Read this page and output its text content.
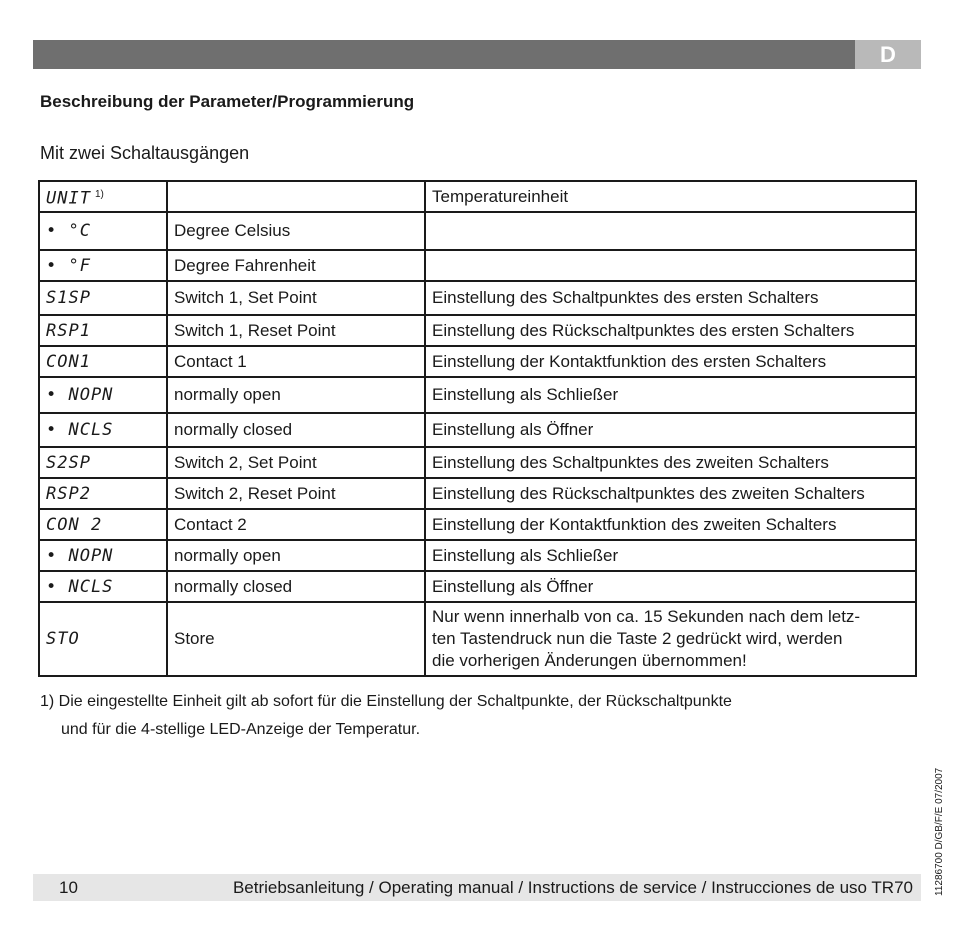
D
Beschreibung der Parameter/Programmierung
Mit zwei Schaltausgängen
UNIT $^{1)}$		Temperatureinheit
• °C	Degree Celsius	
• °F	Degree Fahrenheit	
S1SP	Switch 1, Set Point	Einstellung des Schaltpunktes des ersten Schalters
RSP1	Switch 1, Reset Point	Einstellung des Rückschaltpunktes des ersten Schalters
CON1	Contact 1	Einstellung der Kontaktfunktion des ersten Schalters
• NOPN	normally open	Einstellung als Schließer
• NCLS	normally closed	Einstellung als Öffner
S2SP	Switch 2, Set Point	Einstellung des Schaltpunktes des zweiten Schalters
RSP2	Switch 2, Reset Point	Einstellung des Rückschaltpunktes des zweiten Schalters
CON 2	Contact 2	Einstellung der Kontaktfunktion des zweiten Schalters
• NOPN	normally open	Einstellung als Schließer
• NCLS	normally closed	Einstellung als Öffner
STO	Store	Nur wenn innerhalb von ca. 15 Sekunden nach dem letz-
ten Tastendruck nun die Taste 2 gedrückt wird, werden
die vorherigen Änderungen übernommen!
1) Die eingestellte Einheit gilt ab sofort für die Einstellung der Schaltpunkte, der Rückschaltpunkte
und für die 4-stellige LED-Anzeige der Temperatur.
11286700 D/GB/F/E 07/2007
10	Betriebsanleitung / Operating manual / Instructions de service / Instrucciones de uso TR70
